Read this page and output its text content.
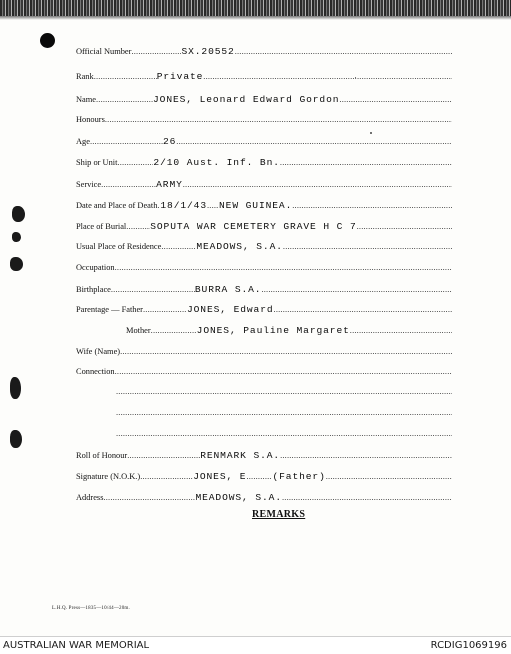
Official Number .....	SX.20552
.....
Rank .....	Private
.....
Name .....	JONES, Leonard Edward Gordon
.....
Honours
.....
Age .....	26
.....
Ship or Unit .....	2/10 Aust. Inf. Bn.
.....
Service .....	ARMY
.....
Date and Place of Death ..... 18/1/43 ..... NEW GUINEA.
.....
Place of Burial .....	SOPUTA WAR CEMETERY GRAVE H C 7
.....
Usual Place of Residence .....	MEADOWS, S.A.
.....
Occupation
.....
Birthplace .....	BURRA S.A.
.....
Parentage — Father .....	JONES, Edward
.....
Mother .....	JONES, Pauline Margaret
.....
Wife (Name)
.....
Connection
.....
.....
.....
.....
Roll of Honour .....	RENMARK S.A.
.....
Signature (N.O.K.) .....	JONES, E .....	(Father)
.....
Address .....	MEADOWS, S.A.
.....
REMARKS
L.H.Q. Press—1835—10/44—20m.
AUSTRALIAN WAR MEMORIAL	RCDIG1069196
